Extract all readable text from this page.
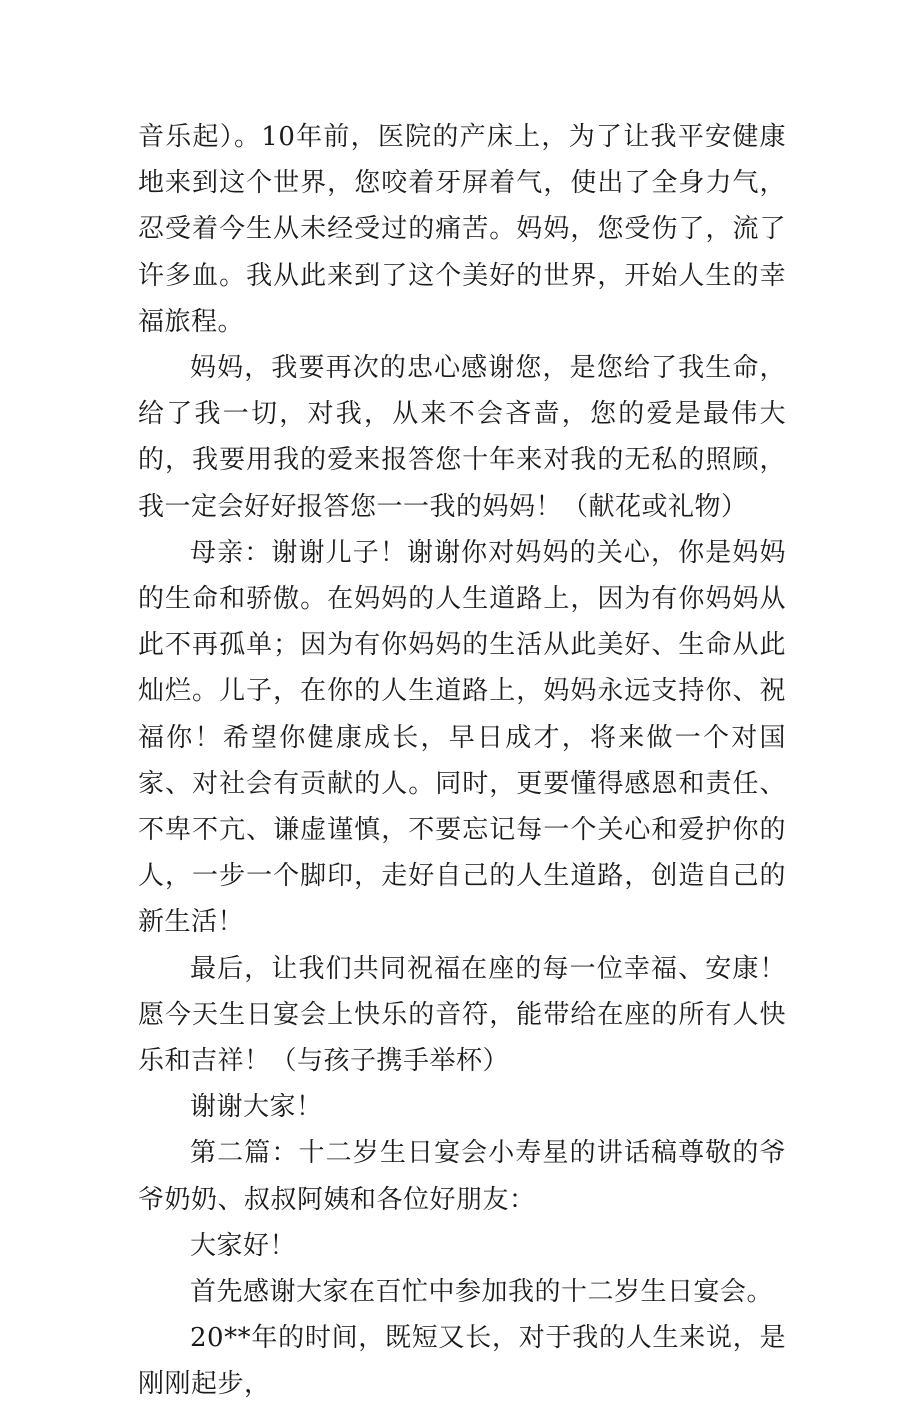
音乐起）。10年前，医院的产床上，为了让我平安健康地来到这个世界，您咬着牙屏着气，使出了全身力气，忍受着今生从未经受过的痛苦。妈妈，您受伤了，流了许多血。我从此来到了这个美好的世界，开始人生的幸福旅程。

妈妈，我要再次的忠心感谢您，是您给了我生命，给了我一切，对我，从来不会吝啬，您的爱是最伟大的，我要用我的爱来报答您十年来对我的无私的照顾，我一定会好好报答您一一我的妈妈！（献花或礼物）

母亲：谢谢儿子！谢谢你对妈妈的关心，你是妈妈的生命和骄傲。在妈妈的人生道路上，因为有你妈妈从此不再孤单；因为有你妈妈的生活从此美好、生命从此灿烂。儿子，在你的人生道路上，妈妈永远支持你、祝福你！希望你健康成长，早日成才，将来做一个对国家、对社会有贡献的人。同时，更要懂得感恩和责任、不卑不亢、谦虚谨慎，不要忘记每一个关心和爱护你的人，一步一个脚印，走好自己的人生道路，创造自己的新生活！

最后，让我们共同祝福在座的每一位幸福、安康！愿今天生日宴会上快乐的音符，能带给在座的所有人快乐和吉祥！（与孩子携手举杯）

谢谢大家！

第二篇：十二岁生日宴会小寿星的讲话稿尊敬的爷爷奶奶、叔叔阿姨和各位好朋友：

大家好！

首先感谢大家在百忙中参加我的十二岁生日宴会。

20**年的时间，既短又长，对于我的人生来说，是刚刚起步，
